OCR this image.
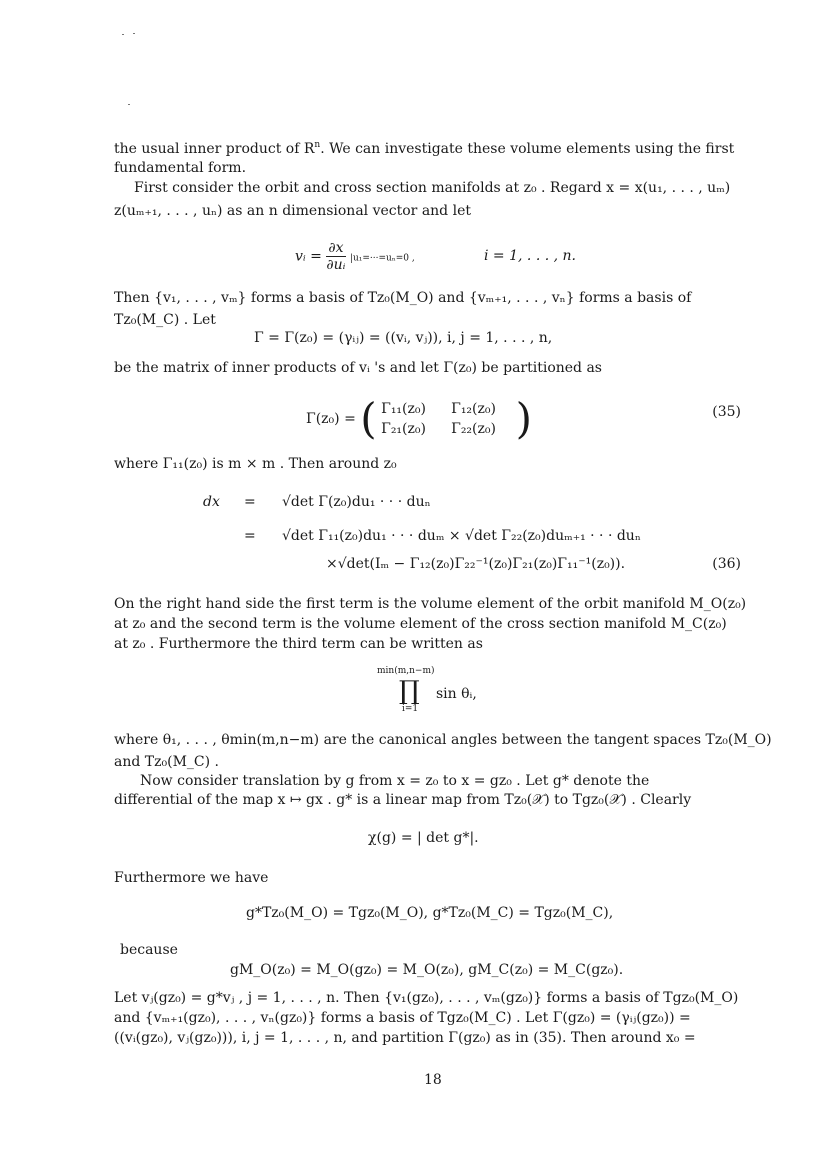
the usual inner product of $R^n$. We can investigate these volume elements using the first
fundamental form.
First consider the orbit and cross section manifolds at z₀ . Regard x = x(u₁, . . . , uₘ)
z(uₘ₊₁, . . . , uₙ) as an n dimensional vector and let
vᵢ = $\frac{\partial x}{\text{∂uᵢ}} |u_1=\cdot\cdot\cdot=u_n=0$ ,	i = 1, . . . , n.
Then {v₁, . . . , vₘ} forms a basis of Tz₀(M_O) and {vₘ₊₁, . . . , vₙ} forms a basis of
Tz₀(M_C) . Let
Γ = Γ(z₀) = (γᵢⱼ) = ((vᵢ, vⱼ)), i, j = 1, . . . , n,
be the matrix of inner products of vᵢ 's and let Γ(z₀) be partitioned as
Γ(z₀) = ( Γ₁₁(z₀) Γ₁₂(z₀)
Γ₂₁(z₀) Γ₂₂(z₀) )	(35)
where Γ₁₁(z₀) is m × m . Then around z₀
dx = √det Γ(z₀)du₁ · · · duₙ
= √det Γ₁₁(z₀)du₁ · · · duₘ × √det Γ₂₂(z₀)duₘ₊₁ · · · duₙ
×√det(Iₘ − Γ₁₂(z₀)Γ₂₂⁻¹(z₀)Γ₂₁(z₀)Γ₁₁⁻¹(z₀)).	(36)
On the right hand side the first term is the volume element of the orbit manifold M_O(z₀)
at z₀ and the second term is the volume element of the cross section manifold M_C(z₀)
at z₀ . Furthermore the third term can be written as
min(m,n−m)
∏ sin θᵢ,
i=1
where θ₁, . . . , θmin(m,n−m) are the canonical angles between the tangent spaces Tz₀(M_O)
and Tz₀(M_C) .
Now consider translation by g from x = z₀ to x = gz₀ . Let g* denote the
differential of the map x ↦ gx . g* is a linear map from Tz₀(𝒳) to Tgz₀(𝒳) . Clearly
χ(g) = | det g*|.
Furthermore we have
g*Tz₀(M_O) = Tgz₀(M_O), g*Tz₀(M_C) = Tgz₀(M_C),
because
gM_O(z₀) = M_O(gz₀) = M_O(z₀), gM_C(z₀) = M_C(gz₀).
Let vⱼ(gz₀) = g*vⱼ , j = 1, . . . , n. Then {v₁(gz₀), . . . , vₘ(gz₀)} forms a basis of Tgz₀(M_O)
and {vₘ₊₁(gz₀), . . . , vₙ(gz₀)} forms a basis of Tgz₀(M_C) . Let Γ(gz₀) = (γᵢⱼ(gz₀)) =
((vᵢ(gz₀), vⱼ(gz₀))), i, j = 1, . . . , n, and partition Γ(gz₀) as in (35). Then around x₀ =
18
